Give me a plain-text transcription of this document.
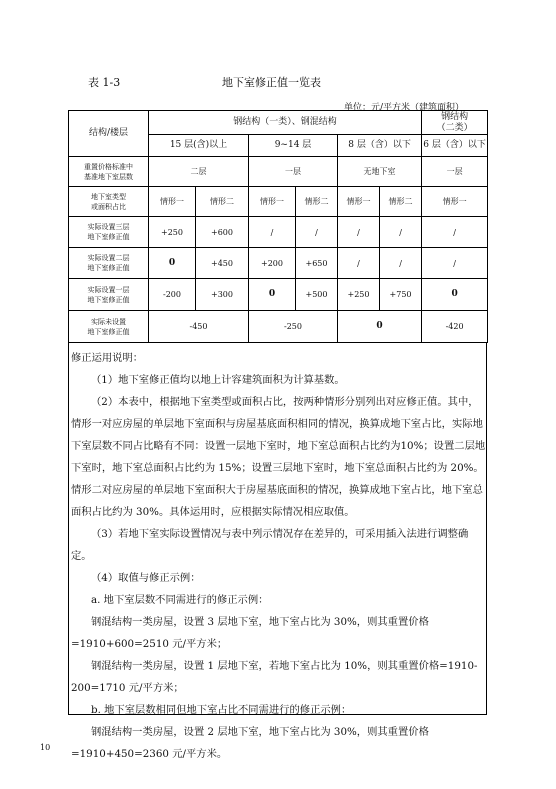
表 1-3	地下室修正值一览表
单位：元/平方米（建筑面积）
结构/楼层	钢结构（一类）、钢混结构						钢结构
（二类）
	15 层(含)以上		9~14 层		8 层（含）以下		6 层（含）以下
重置价格标准中
基准地下室层数	二层		一层		无地下室		一层
地下室类型
或面积占比	情形一	情形二	情形一	情形二	情形一	情形二	情形一
实际设置三层
地下室修正值	+250	+600	/	/	/	/	/
实际设置二层
地下室修正值	0	+450	+200	+650	/	/	/
实际设置一层
地下室修正值	-200	+300	0	+500	+250	+750	0
实际未设置
地下室修正值	-450		-250		0		-420

修正运用说明：

（1）地下室修正值均以地上计容建筑面积为计算基数。

（2）本表中，根据地下室类型或面积占比，按两种情形分别列出对应修正值。其中，情形一对应房屋的单层地下室面积与房屋基底面积相同的情况，换算成地下室占比，实际地下室层数不同占比略有不同：设置一层地下室时，地下室总面积占比约为10%；设置二层地下室时，地下室总面积占比约为 15%；设置三层地下室时，地下室总面积占比约为 20%。情形二对应房屋的单层地下室面积大于房屋基底面积的情况，换算成地下室占比，地下室总面积占比约为 30%。具体运用时，应根据实际情况相应取值。

（3）若地下室实际设置情况与表中列示情况存在差异的，可采用插入法进行调整确定。

（4）取值与修正示例：

a. 地下室层数不同需进行的修正示例：

钢混结构一类房屋，设置 3 层地下室，地下室占比为 30%，则其重置价格=1910+600=2510 元/平方米；

钢混结构一类房屋，设置 1 层地下室，若地下室占比为 10%，则其重置价格=1910-200=1710 元/平方米；

b. 地下室层数相同但地下室占比不同需进行的修正示例：

钢混结构一类房屋，设置 2 层地下室，地下室占比为 30%，则其重置价格=1910+450=2360 元/平方米。

10
